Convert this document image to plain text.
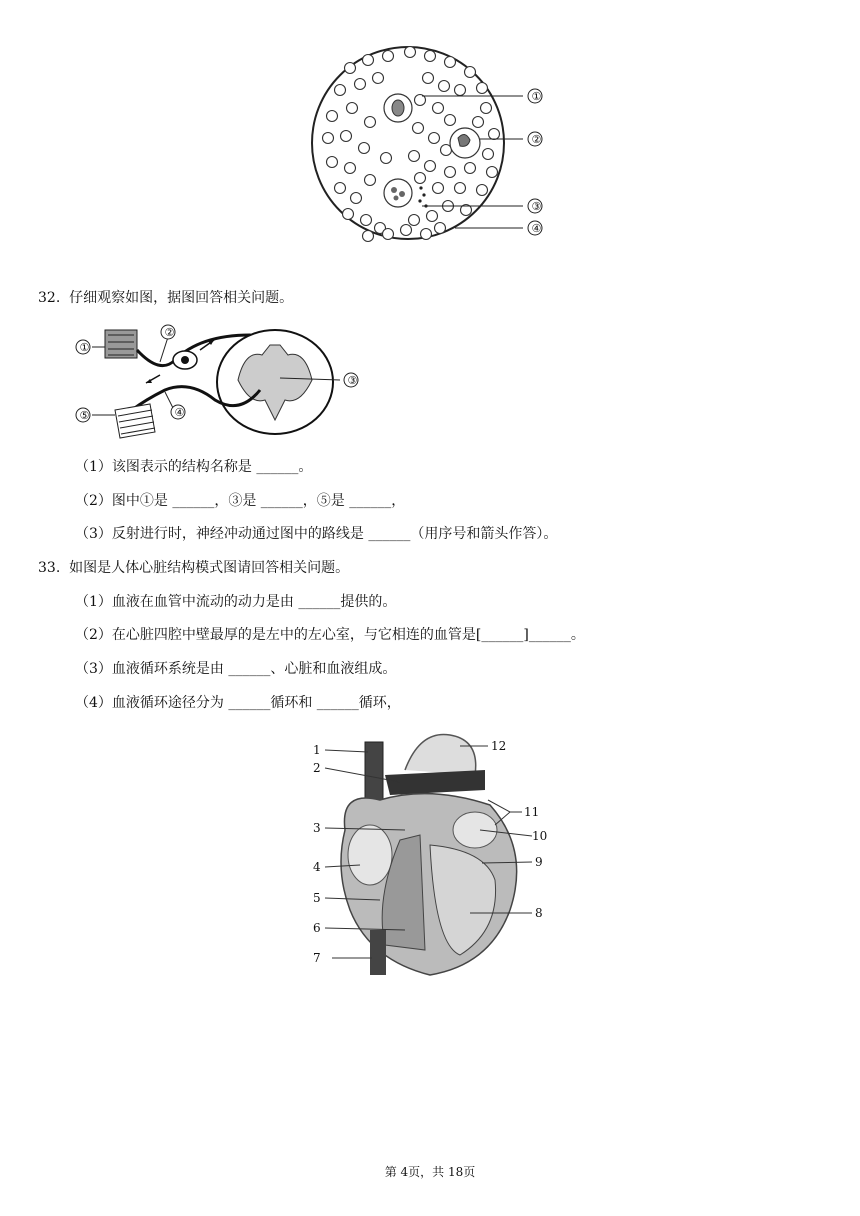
①
②
③
④
32. 仔细观察如图，据图回答相关问题。
①
②
③
④
⑤
（1）该图表示的结构名称是 ______。
（2）图中①是 ______，③是 ______，⑤是 ______，
（3）反射进行时，神经冲动通过图中的路线是 ______（用序号和箭头作答）。
33. 如图是人体心脏结构模式图请回答相关问题。
（1）血液在血管中流动的动力是由 ______提供的。
（2）在心脏四腔中壁最厚的是左中的左心室，与它相连的血管是[______]______。
（3）血液循环系统是由 ______、心脏和血液组成。
（4）血液循环途径分为 ______循环和 ______循环，
1
2
3
4
5
6
7
8
9
10
11
12
第 4页，共 18页
